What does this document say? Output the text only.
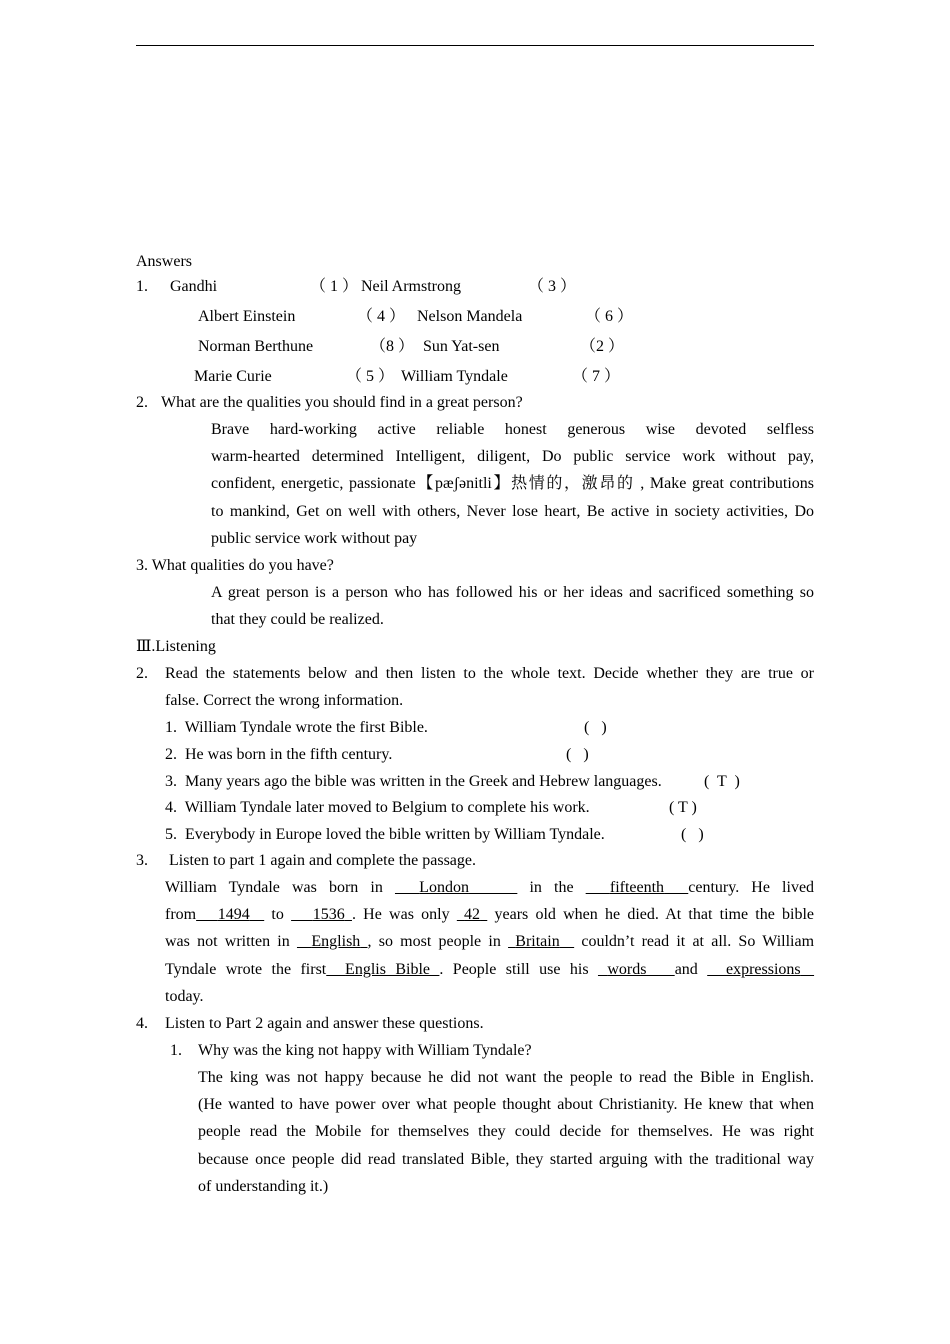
Answers
1. Gandhi	（ 1 ） Neil Armstrong	（ 3 ）
Albert Einstein	（ 4 ） Nelson Mandela	（ 6 ）
Norman Berthune	（8 ） Sun Yat-sen	（2 ）
Marie Curie	（ 5 ） William Tyndale	（ 7 ）
2. What are the qualities you should find in a great person?
Brave hard-working active reliable honest generous wise devoted selfless
warm-hearted determined Intelligent, diligent, Do public service work without pay,
confident, energetic, passionate【pæʃənitli】热情的，激昂的 , Make great contributions
to mankind, Get on well with others, Never lose heart, Be active in society activities, Do
public service work without pay
3. What qualities do you have?
A great person is a person who has followed his or her ideas and sacrificed something so
that they could be realized.
Ⅲ.Listening
2. Read the statements below and then listen to the whole text. Decide whether they are true or
false. Correct the wrong information.
1.  William Tyndale wrote the first Bible.	(   )
2.  He was born in the fifth century.	(   )
3.  Many years ago the bible was written in the Greek and Hebrew languages.	(  T  )
4.  William Tyndale later moved to Belgium to complete his work.	( T )
5.  Everybody in Europe loved the bible written by William Tyndale.	(   )
3. Listen to part 1 again and complete the passage.
William Tyndale was born in London	in the fifteenth century. He lived
from 1494 to 1536 . He was only 42 years old when he died. At that time the bible
was not written in English , so most people in Britain couldn’t read it at all. So William
Tyndale wrote the first Englis Bible . People still use his words and expressions
today.
4. Listen to Part 2 again and answer these questions.
1. Why was the king not happy with William Tyndale?
The king was not happy because he did not want the people to read the Bible in English.
(He wanted to have power over what people thought about Christianity. He knew that when
people read the Mobile for themselves they could decide for themselves. He was right
because once people did read translated Bible, they started arguing with the traditional way
of understanding it.)
